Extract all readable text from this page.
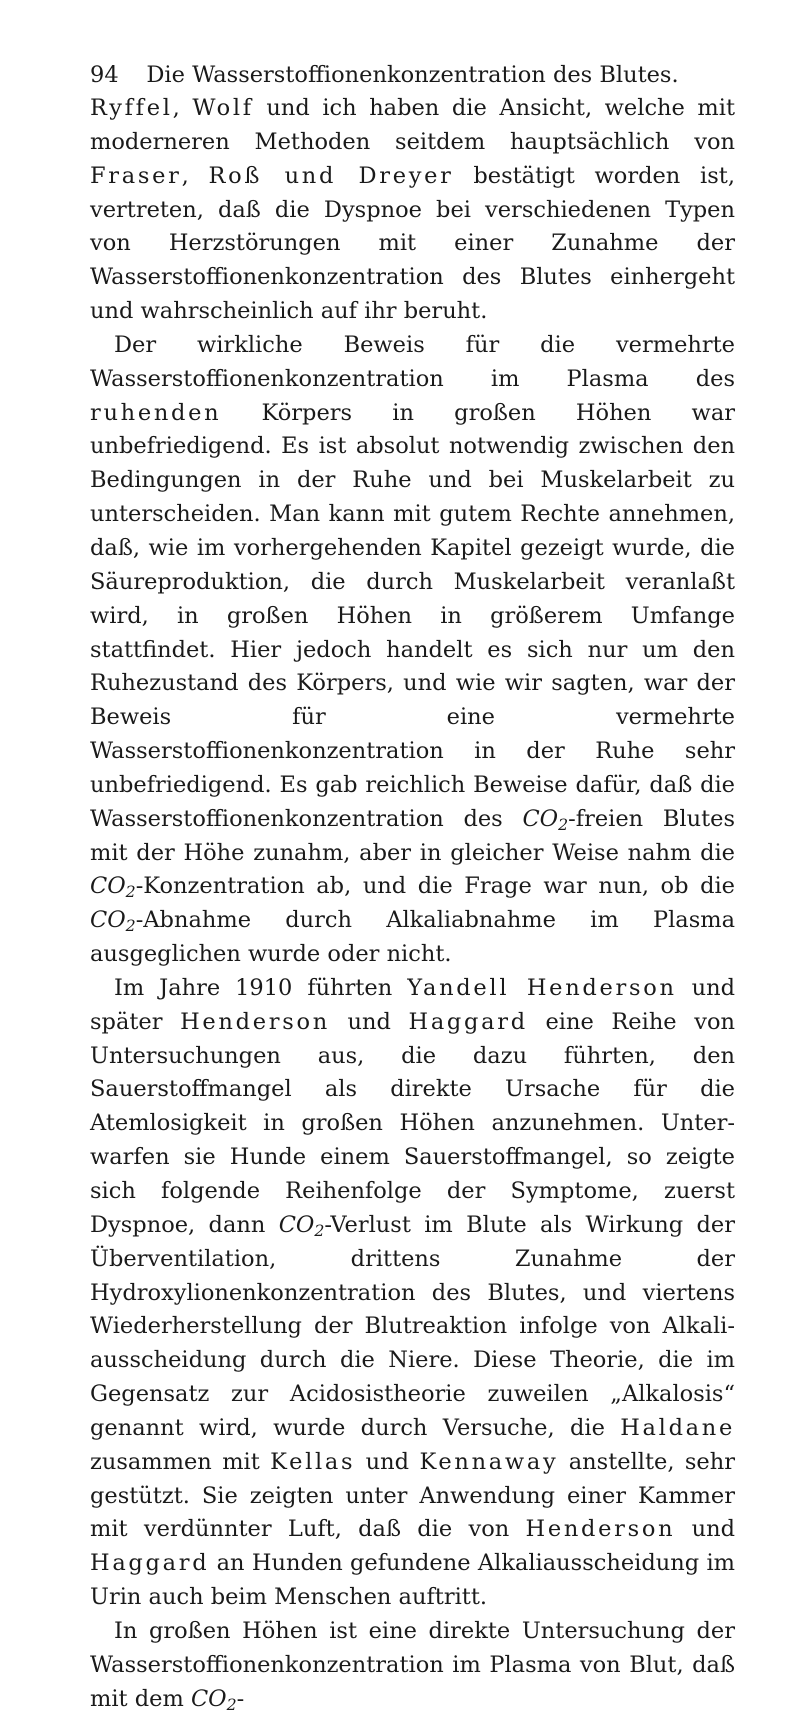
94	Die Wasserstoffionenkonzentration des Blutes.

Ryffel, Wolf und ich haben die Ansicht, welche mit moderneren Methoden seitdem hauptsächlich von Fraser, Roß und Dreyer bestätigt worden ist, vertreten, daß die Dyspnoe bei verschiedenen Typen von Herzstörungen mit einer Zunahme der Wasserstoffionenkonzentration des Blutes einhergeht und wahrscheinlich auf ihr beruht.

Der wirkliche Beweis für die vermehrte Wasserstoffionenkonzentration im Plasma des ruhenden Körpers in großen Höhen war unbefriedigend. Es ist absolut notwendig zwischen den Bedingungen in der Ruhe und bei Muskelarbeit zu unterscheiden. Man kann mit gutem Rechte annehmen, daß, wie im vorhergehenden Kapitel gezeigt wurde, die Säureproduktion, die durch Muskelarbeit veranlaßt wird, in großen Höhen in größerem Umfange stattfindet. Hier jedoch handelt es sich nur um den Ruhezustand des Körpers, und wie wir sagten, war der Beweis für eine vermehrte Wasserstoffionenkonzentration in der Ruhe sehr unbefriedigend. Es gab reichlich Beweise dafür, daß die Wasserstoffionenkonzentration des $CO_2$-freien Blutes mit der Höhe zunahm, aber in gleicher Weise nahm die $CO_2$-Konzentration ab, und die Frage war nun, ob die $CO_2$-Abnahme durch Alkaliabnahme im Plasma ausgeglichen wurde oder nicht.

Im Jahre 1910 führten Yandell Henderson und später Henderson und Haggard eine Reihe von Untersuchungen aus, die dazu führten, den Sauerstoffmangel als direkte Ursache für die Atemlosigkeit in großen Höhen anzunehmen. Unterwarfen sie Hunde einem Sauerstoffmangel, so zeigte sich folgende Reihenfolge der Symptome, zuerst Dyspnoe, dann $CO_2$-Verlust im Blute als Wirkung der Überventilation, drittens Zunahme der Hydroxylionenkonzentration des Blutes, und viertens Wiederherstellung der Blutreaktion infolge von Alkaliausscheidung durch die Niere. Diese Theorie, die im Gegensatz zur Acidosistheorie zuweilen „Alkalosis“ genannt wird, wurde durch Versuche, die Haldane zusammen mit Kellas und Kennaway anstellte, sehr gestützt. Sie zeigten unter Anwendung einer Kammer mit verdünnter Luft, daß die von Henderson und Haggard an Hunden gefundene Alkaliausscheidung im Urin auch beim Menschen auftritt.

In großen Höhen ist eine direkte Untersuchung der Wasserstoffionenkonzentration im Plasma von Blut, daß mit dem $CO_2-$
